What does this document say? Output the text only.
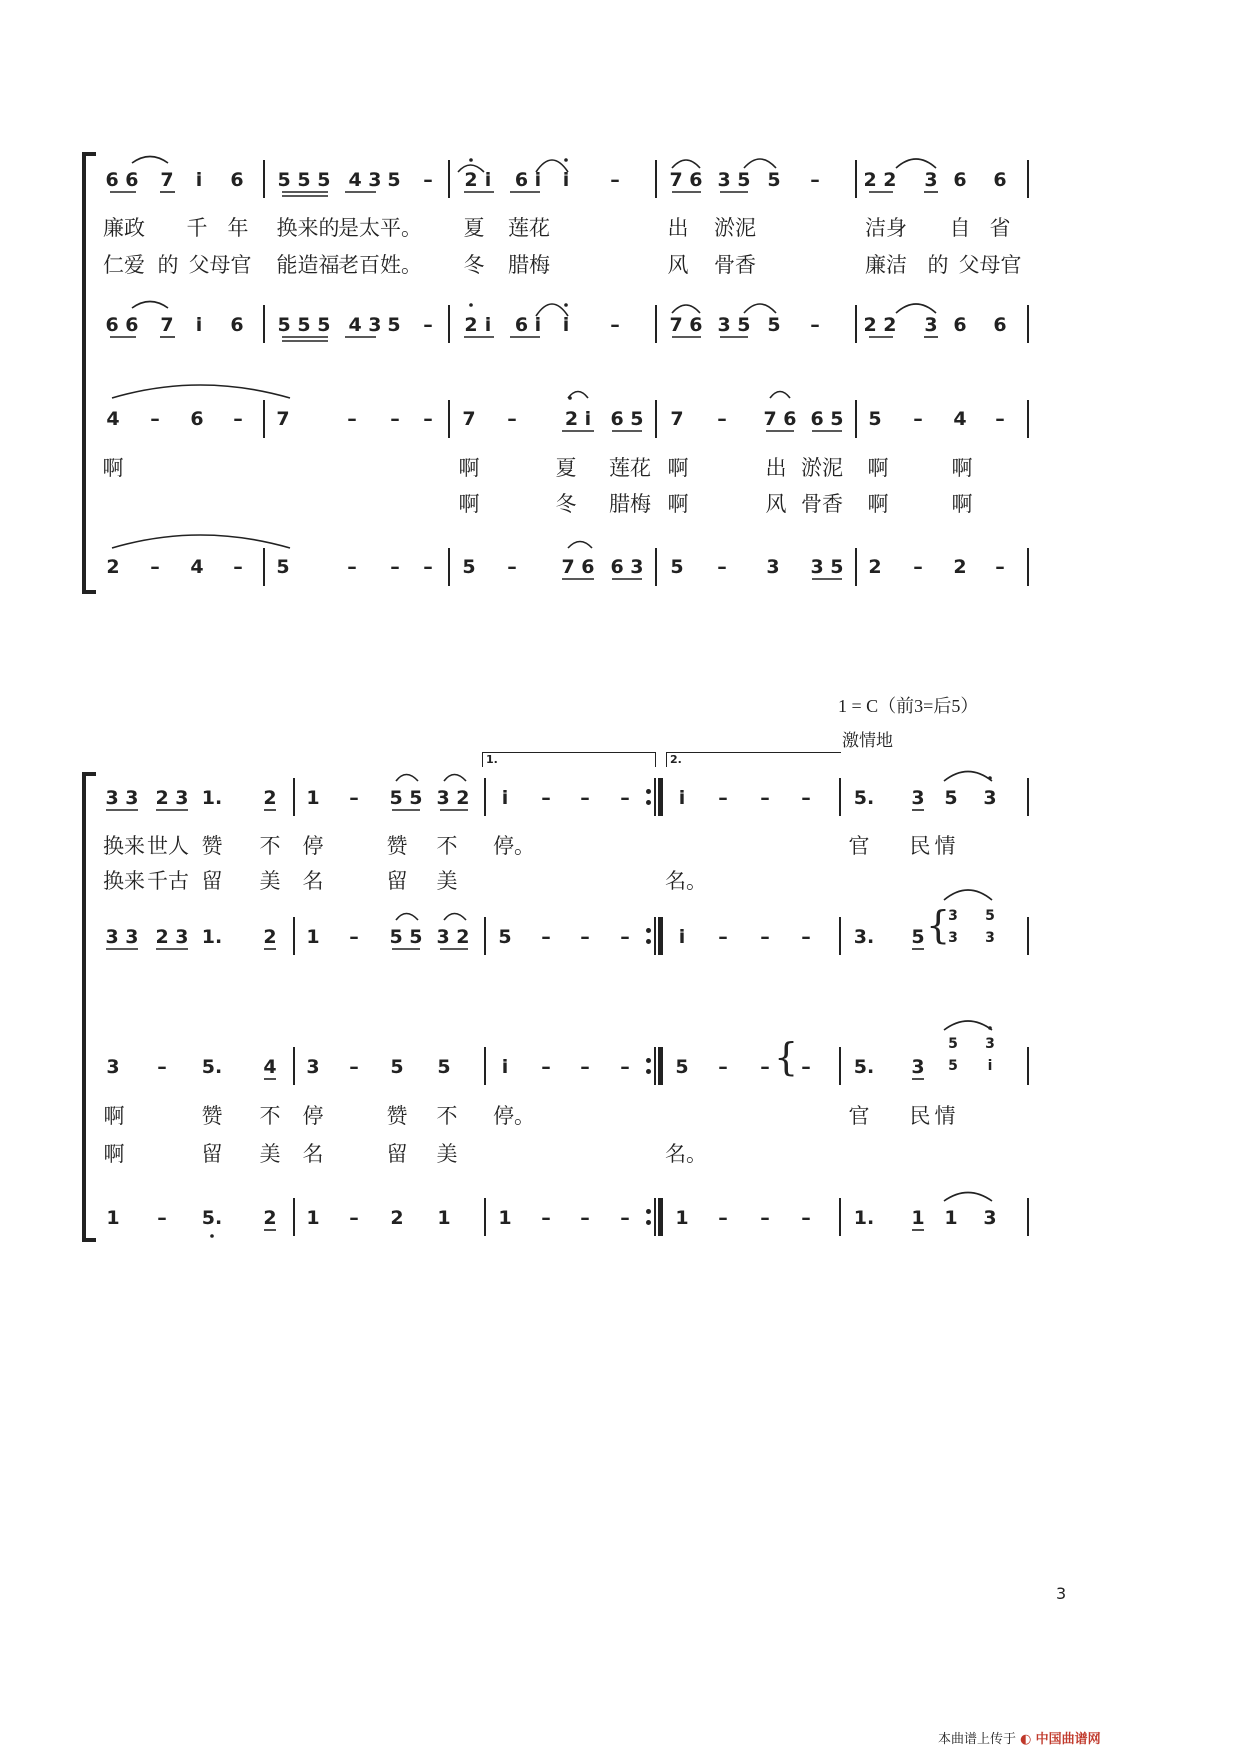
6 6 7 i 6 5 5 5 4 3 5 – 2 i 6 i i –	7 6 3 5 5 – 2 2 3 6 6
廉政 千 年 换来的
是太平。 夏 莲花	出 淤泥	洁身 自 省
仁爱 的 父母官 能造福
老百姓。 冬 腊梅	风 骨香	廉洁 的 父母官
6 6 7 i 6 5 5 5 4 3 5 – 2 i 6 i i –	7 6 3 5 5 – 2 2 3 6 6
4 – 6 – 7	– – – 7 –	2 i 6 5 7 – 7 6 6 5 5 – 4 –
啊	啊	夏 莲花 啊	出 淤泥 啊	啊
啊	冬 腊梅 啊	风 骨香 啊	啊
2 – 4 – 5	– – – 5 – 7 6 6 3 5 – 3 3 5 2 – 2 –
1 = C（前3=后5）
激情地
1.	2.
3 3 2 3 1. 2 1 – 5 5 3 2 i – – –	i – – – 5. 3 5 3
换来 世人 赞 不 停	赞 不 停。	官 民 情
换来 千古 留 美 名	留 美	名。
3 3 2 3 1. 2 1 – 5 5 3 2 5 – – –	i – – – 3. 5
3 – 5. 4 3 – 5 5	i – – – 5 – – – 5. 3
啊	赞 不 停	赞 不 停。	官 民 情
啊	留 美 名	留 美	名。
1 – 5. 2 1 – 2 1	1 – – – 1 – – – 1. 1 1 3
3
3
5
3
5
5
3
i
{
{
3
本曲谱上传于 ◐ 中国曲谱网
